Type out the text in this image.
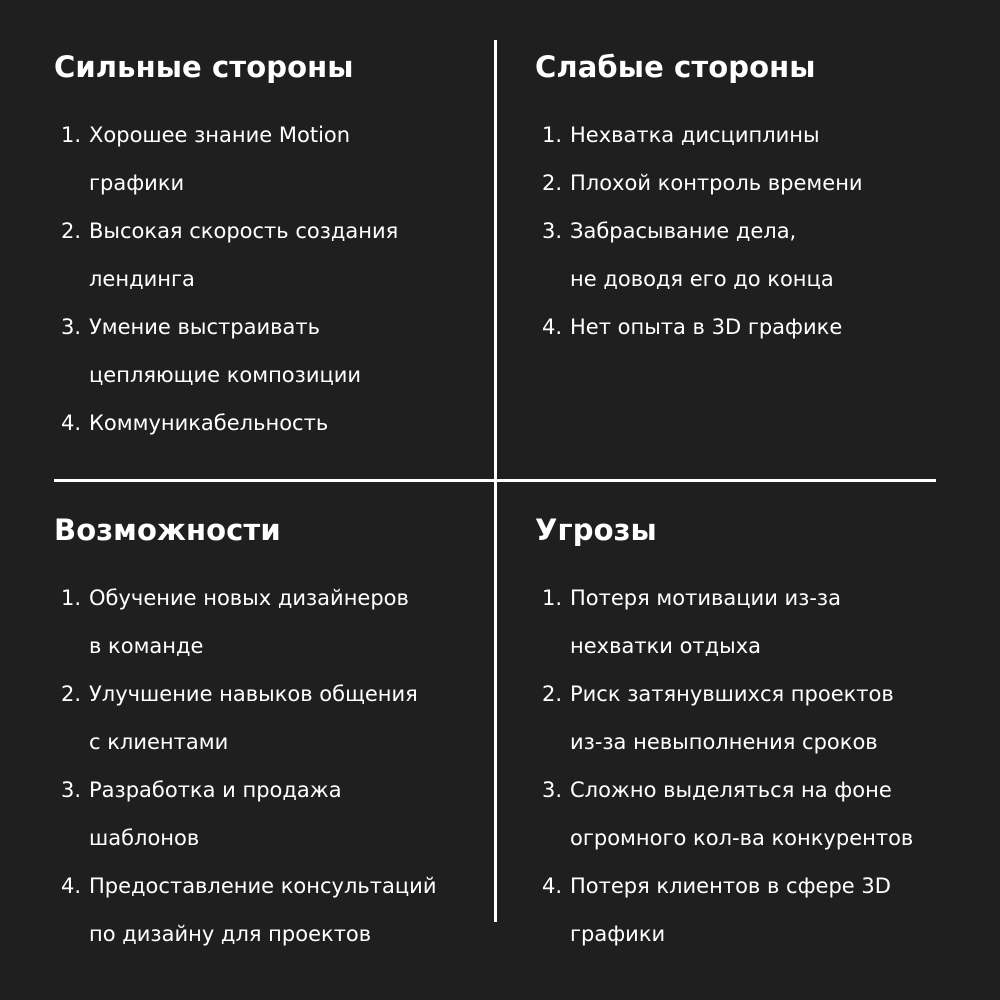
Сильные стороны
1. Хорошее знание Motion
графики
2. Высокая скорость создания
лендинга
3. Умение выстраивать
цепляющие композиции
4. Коммуникабельность
Слабые стороны
1. Нехватка дисциплины
2. Плохой контроль времени
3. Забрасывание дела,
не доводя его до конца
4. Нет опыта в 3D графике
Возможности
1. Обучение новых дизайнеров
в команде
2. Улучшение навыков общения
с клиентами
3. Разработка и продажа
шаблонов
4. Предоставление консультаций
по дизайну для проектов
Угрозы
1. Потеря мотивации из-за
нехватки отдыха
2. Риск затянувшихся проектов
из-за невыполнения сроков
3. Сложно выделяться на фоне
огромного кол-ва конкурентов
4. Потеря клиентов в сфере 3D
графики
